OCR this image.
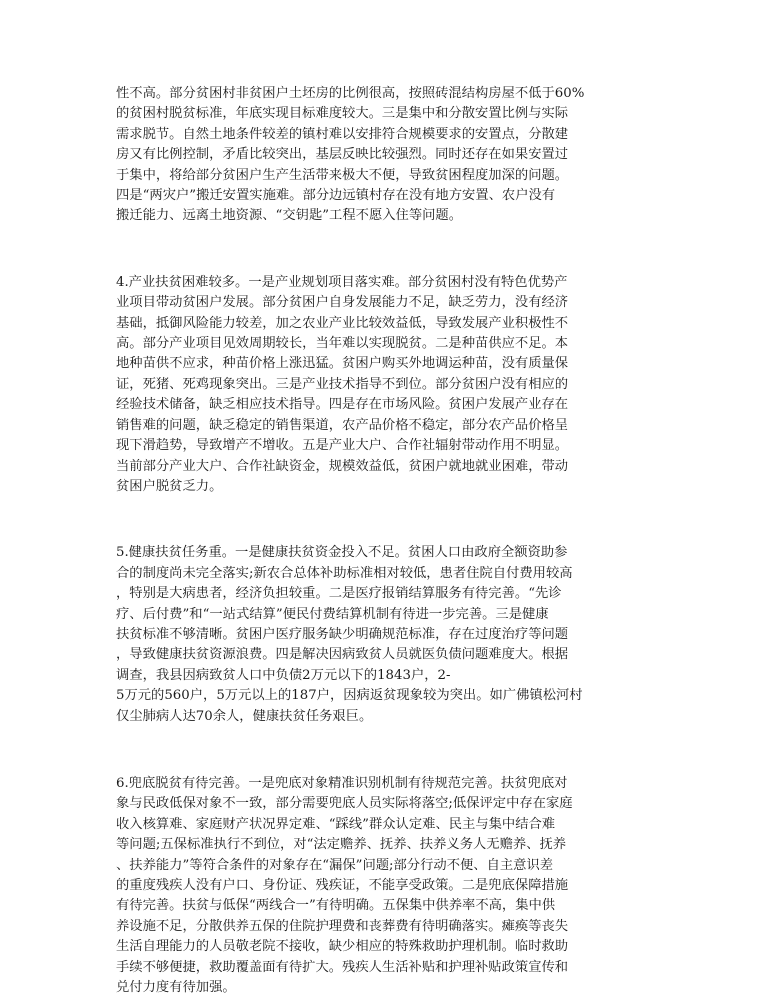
性不高。部分贫困村非贫困户土坯房的比例很高，按照砖混结构房屋不低于60%
的贫困村脱贫标准，年底实现目标难度较大。三是集中和分散安置比例与实际
需求脱节。自然土地条件较差的镇村难以安排符合规模要求的安置点，分散建
房又有比例控制，矛盾比较突出，基层反映比较强烈。同时还存在如果安置过
于集中，将给部分贫困户生产生活带来极大不便，导致贫困程度加深的问题。
四是“两灾户”搬迁安置实施难。部分边远镇村存在没有地方安置、农户没有
搬迁能力、远离土地资源、“交钥匙”工程不愿入住等问题。
4.产业扶贫困难较多。一是产业规划项目落实难。部分贫困村没有特色优势产
业项目带动贫困户发展。部分贫困户自身发展能力不足，缺乏劳力，没有经济
基础，抵御风险能力较差，加之农业产业比较效益低，导致发展产业积极性不
高。部分产业项目见效周期较长，当年难以实现脱贫。二是种苗供应不足。本
地种苗供不应求，种苗价格上涨迅猛。贫困户购买外地调运种苗，没有质量保
证，死猪、死鸡现象突出。三是产业技术指导不到位。部分贫困户没有相应的
经验技术储备，缺乏相应技术指导。四是存在市场风险。贫困户发展产业存在
销售难的问题，缺乏稳定的销售渠道，农产品价格不稳定，部分农产品价格呈
现下滑趋势，导致增产不增收。五是产业大户、合作社辐射带动作用不明显。
当前部分产业大户、合作社缺资金，规模效益低，贫困户就地就业困难，带动
贫困户脱贫乏力。
5.健康扶贫任务重。一是健康扶贫资金投入不足。贫困人口由政府全额资助参
合的制度尚未完全落实;新农合总体补助标准相对较低，患者住院自付费用较高
，特别是大病患者，经济负担较重。二是医疗报销结算服务有待完善。“先诊
疗、后付费”和“一站式结算”便民付费结算机制有待进一步完善。三是健康
扶贫标准不够清晰。贫困户医疗服务缺少明确规范标准，存在过度治疗等问题
，导致健康扶贫资源浪费。四是解决因病致贫人员就医负债问题难度大。根据
调查，我县因病致贫人口中负债2万元以下的1843户，2-
5万元的560户，5万元以上的187户，因病返贫现象较为突出。如广佛镇松河村
仅尘肺病人达70余人，健康扶贫任务艰巨。
6.兜底脱贫有待完善。一是兜底对象精准识别机制有待规范完善。扶贫兜底对
象与民政低保对象不一致，部分需要兜底人员实际将落空;低保评定中存在家庭
收入核算难、家庭财产状况界定难、“踩线”群众认定难、民主与集中结合难
等问题;五保标准执行不到位，对“法定赡养、抚养、扶养义务人无赡养、抚养
、扶养能力”等符合条件的对象存在“漏保”问题;部分行动不便、自主意识差
的重度残疾人没有户口、身份证、残疾证，不能享受政策。二是兜底保障措施
有待完善。扶贫与低保“两线合一”有待明确。五保集中供养率不高，集中供
养设施不足，分散供养五保的住院护理费和丧葬费有待明确落实。瘫痪等丧失
生活自理能力的人员敬老院不接收，缺少相应的特殊救助护理机制。临时救助
手续不够便捷，救助覆盖面有待扩大。残疾人生活补贴和护理补贴政策宣传和
兑付力度有待加强。
